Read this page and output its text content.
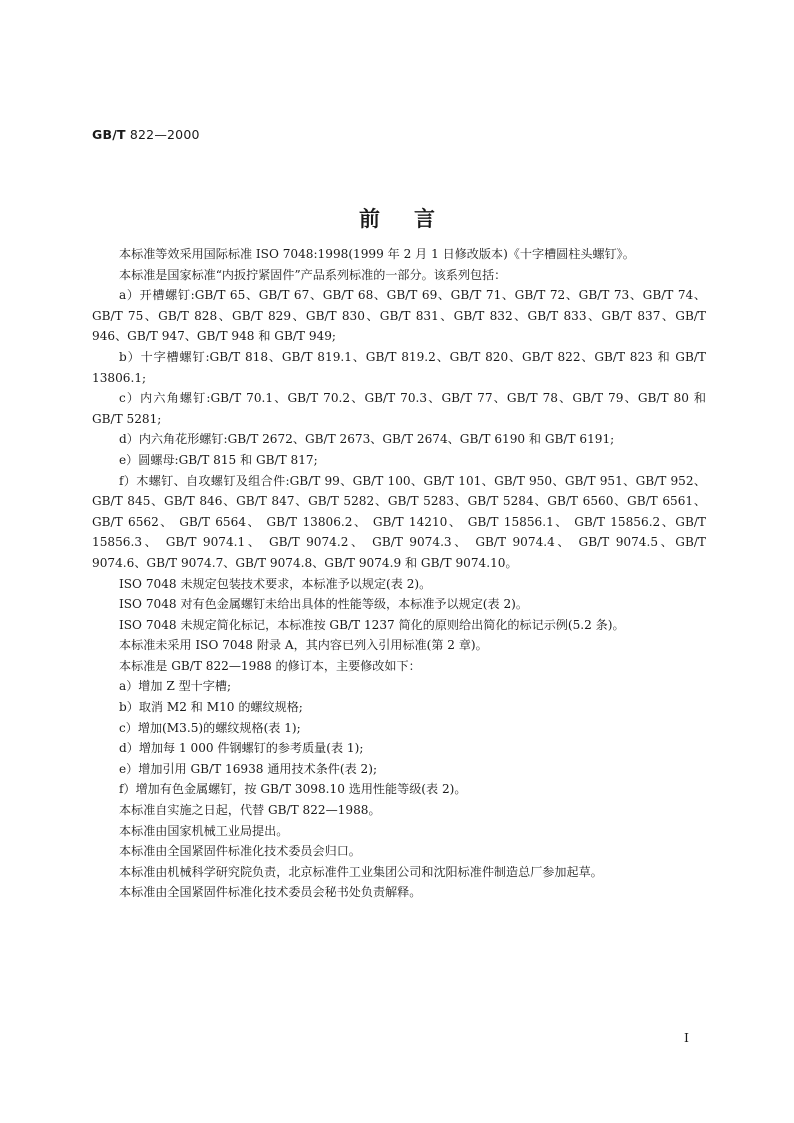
GB/T 822—2000
前言

本标准等效采用国际标准 ISO 7048:1998(1999 年 2 月 1 日修改版本)《十字槽圆柱头螺钉》。

本标准是国家标准“内扳拧紧固件”产品系列标准的一部分。该系列包括：

a）开槽螺钉:GB/T 65、GB/T 67、GB/T 68、GB/T 69、GB/T 71、GB/T 72、GB/T 73、GB/T 74、GB/T 75、GB/T 828、GB/T 829、GB/T 830、GB/T 831、GB/T 832、GB/T 833、GB/T 837、GB/T 946、GB/T 947、GB/T 948 和 GB/T 949;

b）十字槽螺钉:GB/T 818、GB/T 819.1、GB/T 819.2、GB/T 820、GB/T 822、GB/T 823 和 GB/T 13806.1;

c）内六角螺钉:GB/T 70.1、GB/T 70.2、GB/T 70.3、GB/T 77、GB/T 78、GB/T 79、GB/T 80 和 GB/T 5281;

d）内六角花形螺钉:GB/T 2672、GB/T 2673、GB/T 2674、GB/T 6190 和 GB/T 6191;

e）圆螺母:GB/T 815 和 GB/T 817;

f）木螺钉、自攻螺钉及组合件:GB/T 99、GB/T 100、GB/T 101、GB/T 950、GB/T 951、GB/T 952、GB/T 845、GB/T 846、GB/T 847、GB/T 5282、GB/T 5283、GB/T 5284、GB/T 6560、GB/T 6561、GB/T 6562、 GB/T 6564、 GB/T 13806.2、 GB/T 14210、 GB/T 15856.1、 GB/T 15856.2、GB/T 15856.3、 GB/T 9074.1、 GB/T 9074.2、 GB/T 9074.3、 GB/T 9074.4、 GB/T 9074.5、GB/T 9074.6、GB/T 9074.7、GB/T 9074.8、GB/T 9074.9 和 GB/T 9074.10。

ISO 7048 未规定包装技术要求，本标准予以规定(表 2)。

ISO 7048 对有色金属螺钉未给出具体的性能等级，本标准予以规定(表 2)。

ISO 7048 未规定简化标记，本标准按 GB/T 1237 简化的原则给出简化的标记示例(5.2 条)。

本标准未采用 ISO 7048 附录 A，其内容已列入引用标准(第 2 章)。

本标准是 GB/T 822—1988 的修订本，主要修改如下：

a）增加 Z 型十字槽;

b）取消 M2 和 M10 的螺纹规格;

c）增加(M3.5)的螺纹规格(表 1);

d）增加每 1 000 件钢螺钉的参考质量(表 1);

e）增加引用 GB/T 16938 通用技术条件(表 2);

f）增加有色金属螺钉，按 GB/T 3098.10 选用性能等级(表 2)。

本标准自实施之日起，代替 GB/T 822—1988。

本标准由国家机械工业局提出。

本标准由全国紧固件标准化技术委员会归口。

本标准由机械科学研究院负责，北京标准件工业集团公司和沈阳标准件制造总厂参加起草。

本标准由全国紧固件标准化技术委员会秘书处负责解释。

I
